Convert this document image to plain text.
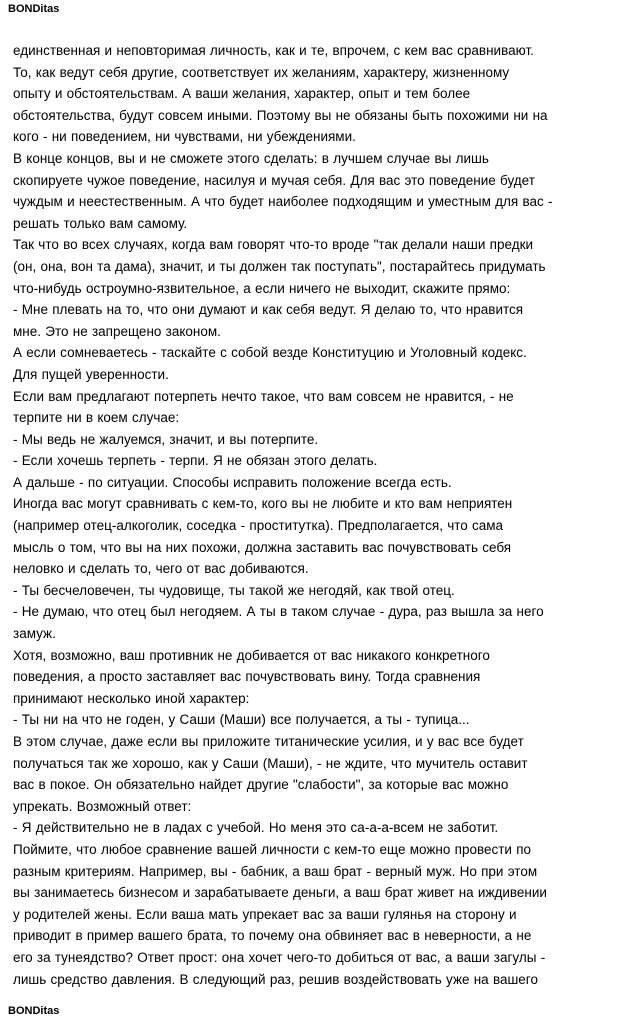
BONDitas
единственная и неповторимая личность, как и те, впрочем, с кем вас сравнивают.
То, как ведут себя другие, соответствует их желаниям, характеру, жизненному
опыту и обстоятельствам. А ваши желания, характер, опыт и тем более
обстоятельства, будут совсем иными. Поэтому вы не обязаны быть похожими ни на
кого - ни поведением, ни чувствами, ни убеждениями.
В конце концов, вы и не сможете этого сделать: в лучшем случае вы лишь
скопируете чужое поведение, насилуя и мучая себя. Для вас это поведение будет
чуждым и неестественным. А что будет наиболее подходящим и уместным для вас -
решать только вам самому.
Так что во всех случаях, когда вам говорят что-то вроде "так делали наши предки
(он, она, вон та дама), значит, и ты должен так поступать", постарайтесь придумать
что-нибудь остроумно-язвительное, а если ничего не выходит, скажите прямо:
- Мне плевать на то, что они думают и как себя ведут. Я делаю то, что нравится
мне. Это не запрещено законом.
А если сомневаетесь - таскайте с собой везде Конституцию и Уголовный кодекс.
Для пущей уверенности.
Если вам предлагают потерпеть нечто такое, что вам совсем не нравится, - не
терпите ни в коем случае:
- Мы ведь не жалуемся, значит, и вы потерпите.
- Если хочешь терпеть - терпи. Я не обязан этого делать.
А дальше - по ситуации. Способы исправить положение всегда есть.
Иногда вас могут сравнивать с кем-то, кого вы не любите и кто вам неприятен
(например отец-алкоголик, соседка - проститутка). Предполагается, что сама
мысль о том, что вы на них похожи, должна заставить вас почувствовать себя
неловко и сделать то, чего от вас добиваются.
- Ты бесчеловечен, ты чудовище, ты такой же негодяй, как твой отец.
- Не думаю, что отец был негодяем. А ты в таком случае - дура, раз вышла за него
замуж.
Хотя, возможно, ваш противник не добивается от вас никакого конкретного
поведения, а просто заставляет вас почувствовать вину. Тогда сравнения
принимают несколько иной характер:
- Ты ни на что не годен, у Саши (Маши) все получается, а ты - тупица...
В этом случае, даже если вы приложите титанические усилия, и у вас все будет
получаться так же хорошо, как у Саши (Маши), - не ждите, что мучитель оставит
вас в покое. Он обязательно найдет другие "слабости", за которые вас можно
упрекать. Возможный ответ:
- Я действительно не в ладах с учебой. Но меня это са-а-а-всем не заботит.
Поймите, что любое сравнение вашей личности с кем-то еще можно провести по
разным критериям. Например, вы - бабник, а ваш брат - верный муж. Но при этом
вы занимаетесь бизнесом и зарабатываете деньги, а ваш брат живет на иждивении
у родителей жены. Если ваша мать упрекает вас за ваши гулянья на сторону и
приводит в пример вашего брата, то почему она обвиняет вас в неверности, а не
его за тунеядство? Ответ прост: она хочет чего-то добиться от вас, а ваши загулы -
лишь средство давления. В следующий раз, решив воздействовать уже на вашего
BONDitas
